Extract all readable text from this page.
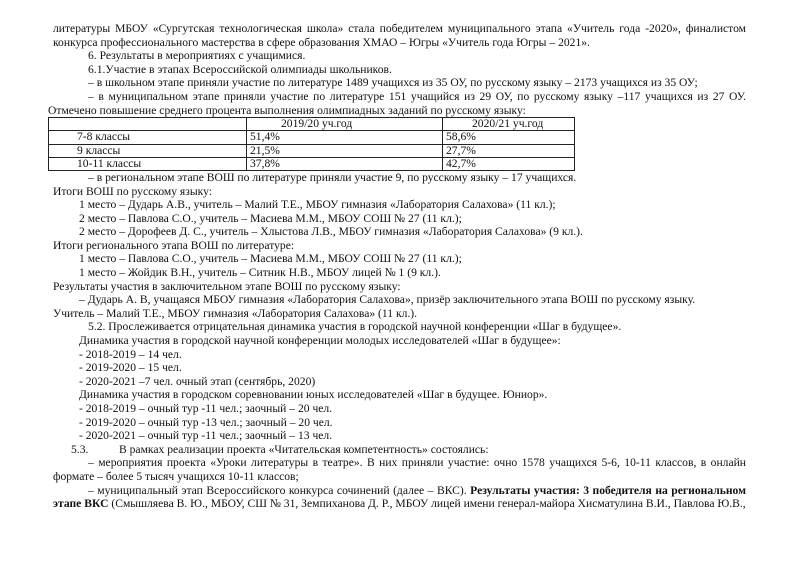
литературы МБОУ «Сургутская технологическая школа» стала победителем муниципального этапа «Учитель года -2020», финалистом
конкурса профессионального мастерства в сфере образования ХМАО – Югры «Учитель года Югры – 2021».
6. Результаты в мероприятиях с учащимися.
6.1.Участие в этапах Всероссийской олимпиады школьников.
– в школьном этапе приняли участие по литературе 1489 учащихся из 35 ОУ, по русскому языку – 2173 учащихся из 35 ОУ;
– в муниципальном этапе приняли участие по литературе 151 учащийся из 29 ОУ, по русскому языку –117 учащихся из 27 ОУ.
Отмечено повышение среднего процента выполнения олимпиадных заданий по русскому языку:
	2019/20 уч.год	2020/21 уч.год
7-8 классы	51,4%	58,6%
9 классы	21,5%	27,7%
10-11 классы	37,8%	42,7%
– в региональном этапе ВОШ по литературе приняли участие 9, по русскому языку – 17 учащихся.
Итоги ВОШ по русскому языку:
1 место – Дударь А.В., учитель – Малий Т.Е., МБОУ гимназия «Лаборатория Салахова» (11 кл.);
2 место – Павлова С.О., учитель – Масиева М.М., МБОУ СОШ № 27 (11 кл.);
2 место – Дорофеев Д. С., учитель – Хлыстова Л.В., МБОУ гимназия «Лаборатория Салахова» (9 кл.).
Итоги регионального этапа ВОШ по литературе:
1 место – Павлова С.О., учитель – Масиева М.М., МБОУ СОШ № 27 (11 кл.);
1 место – Жойдик В.Н., учитель – Ситник Н.В., МБОУ лицей № 1 (9 кл.).
Результаты участия в заключительном этапе ВОШ по русскому языку:
– Дударь А. В, учащаяся МБОУ гимназия «Лаборатория Салахова», призёр заключительного этапа ВОШ по русскому языку.
Учитель – Малий Т.Е., МБОУ гимназия «Лаборатория Салахова» (11 кл.).
5.2. Прослеживается отрицательная динамика участия в городской научной конференции «Шаг в будущее».
Динамика участия в городской научной конференции молодых исследователей «Шаг в будущее»:
- 2018-2019 – 14 чел.
- 2019-2020 – 15 чел.
- 2020-2021 –7 чел. очный этап (сентябрь, 2020)
Динамика участия в городском соревновании юных исследователей «Шаг в будущее. Юниор».
- 2018-2019 – очный тур -11 чел.; заочный – 20 чел.
- 2019-2020 – очный тур -13 чел.; заочный – 20 чел.
- 2020-2021 – очный тур -11 чел.; заочный – 13 чел.
5.3.	В рамках реализации проекта «Читательская компетентность» состоялись:
– мероприятия проекта «Уроки литературы в театре». В них приняли участие: очно 1578 учащихся 5-6, 10-11 классов, в онлайн
формате – более 5 тысяч учащихся 10-11 классов;
– муниципальный этап Всероссийского конкурса сочинений (далее – ВКС). Результаты участия: 3 победителя на региональном
этапе ВКС (Смышляева В. Ю., МБОУ, СШ № 31, Земпиханова Д. Р., МБОУ лицей имени генерал-майора Хисматулина В.И., Павлова Ю.В.,
